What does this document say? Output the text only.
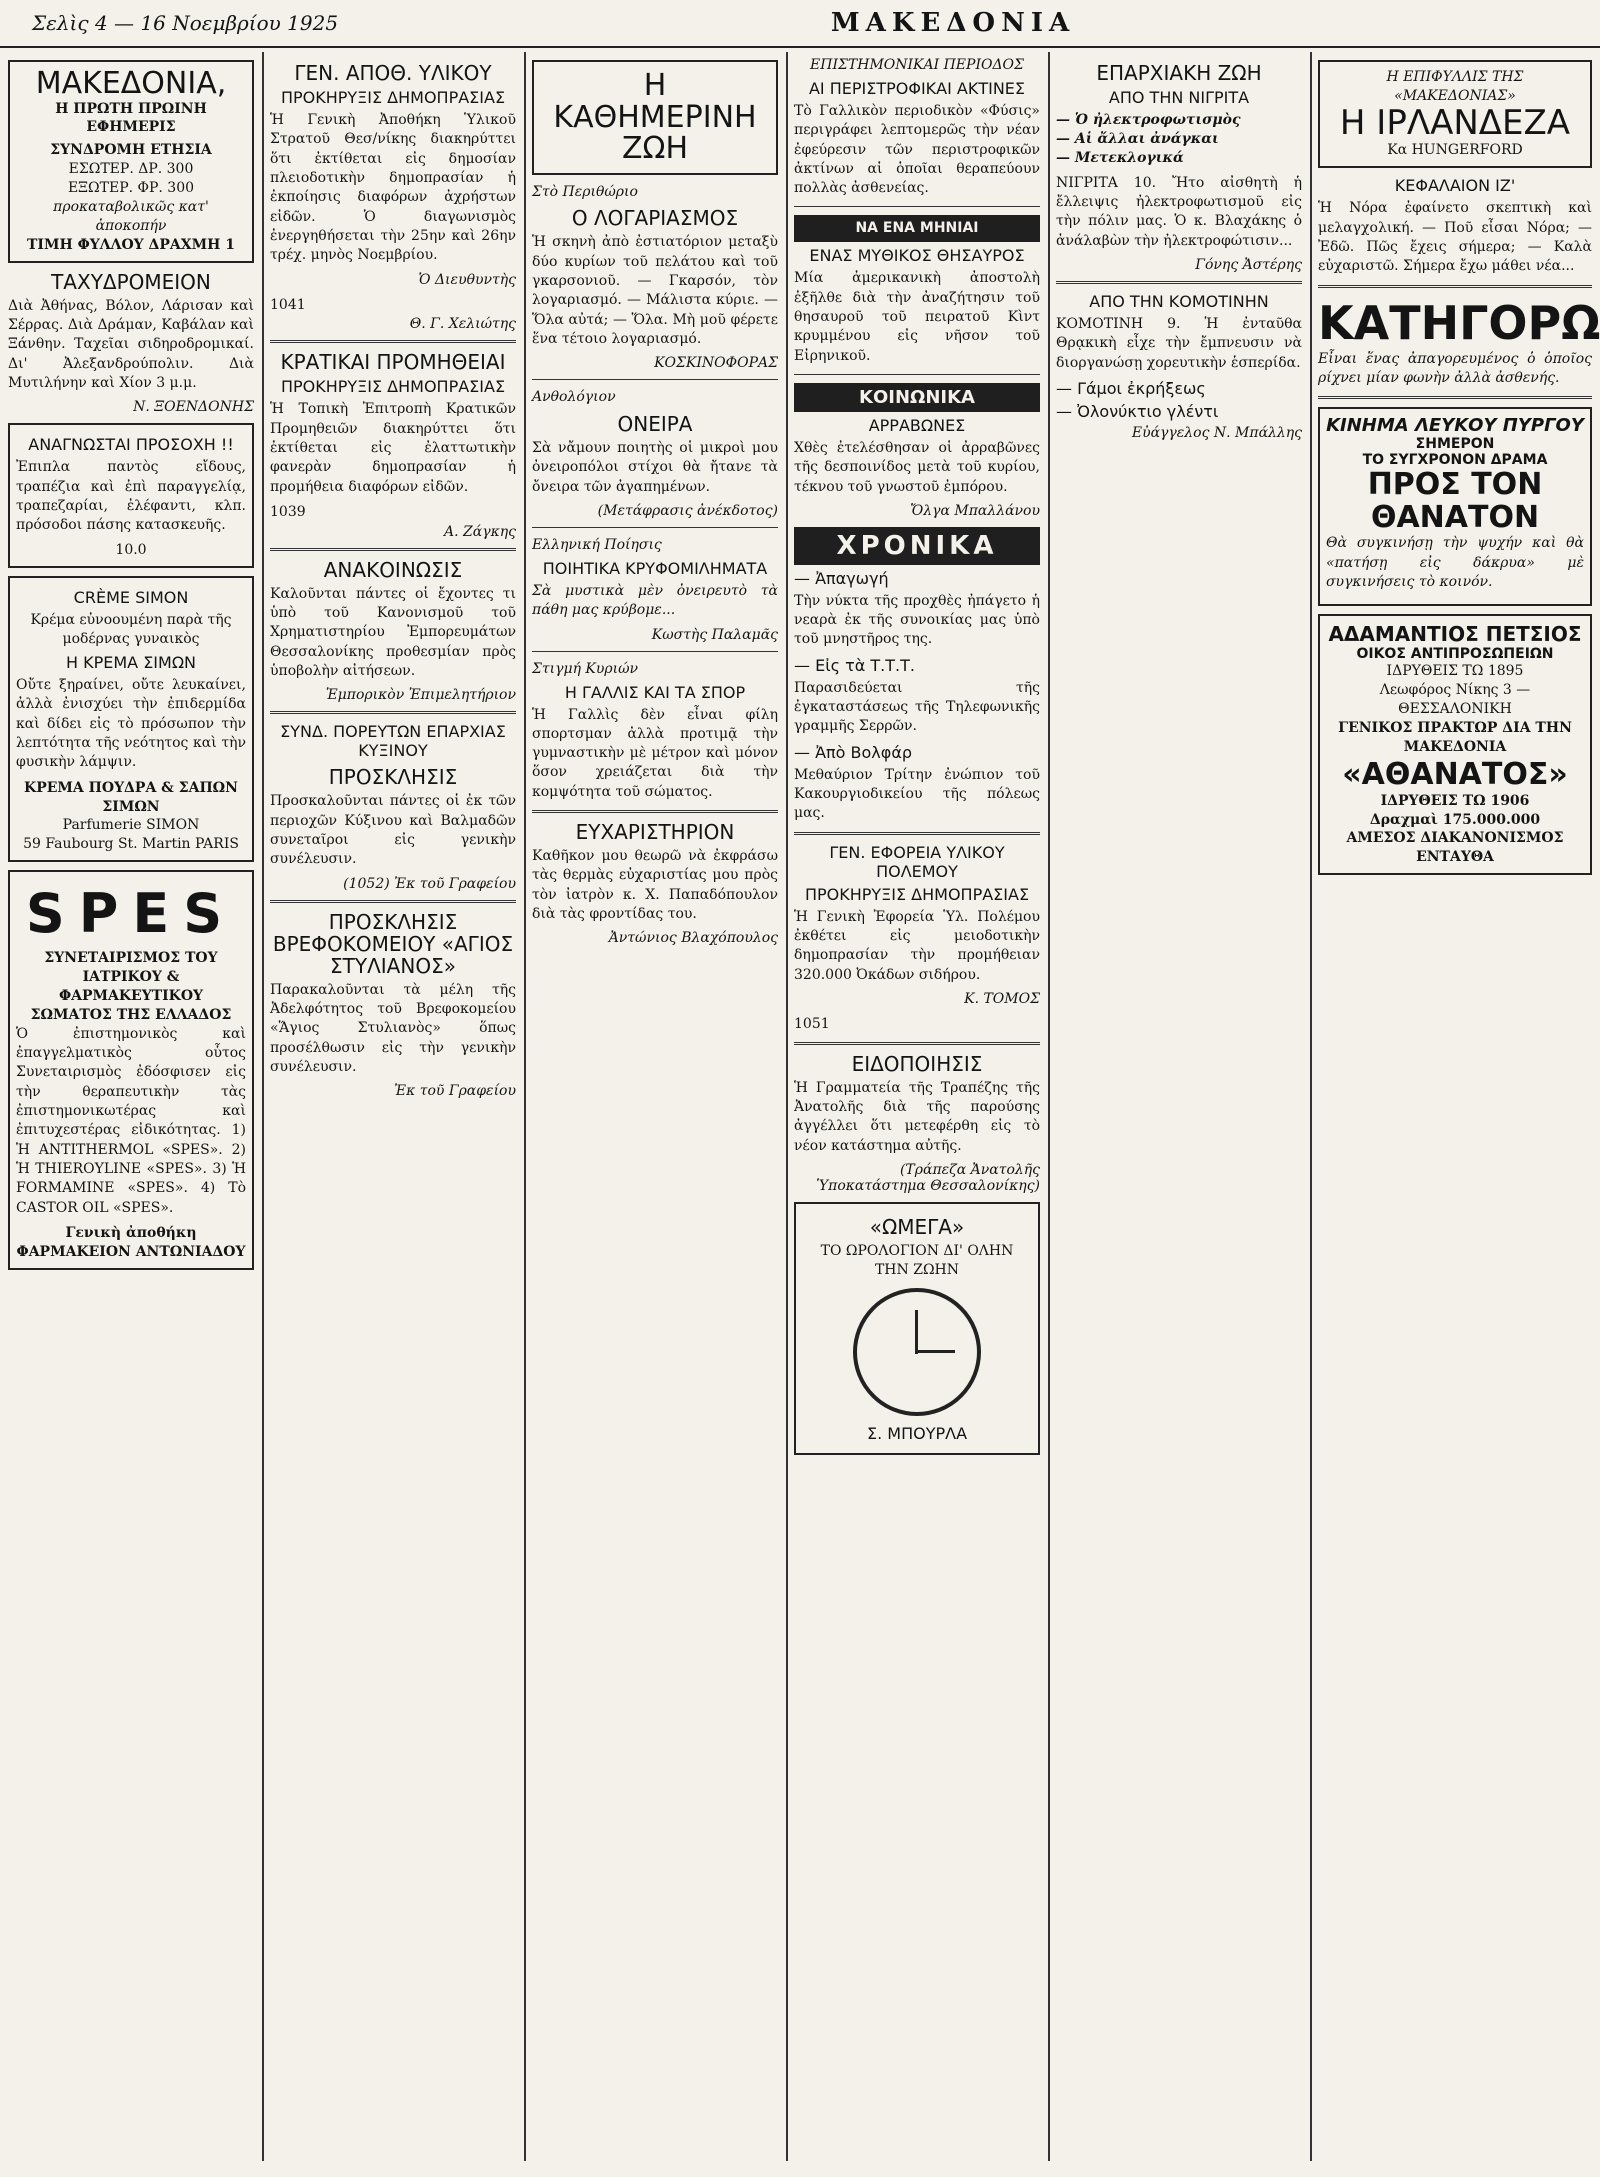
Σελὶς 4 — 16 Νοεμβρίου 1925	ΜΑΚΕΔΟΝΙΑ
ΜΑΚΕΔΟΝΙΑ,
Η ΠΡΩΤΗ ΠΡΩΙΝΗ ΕΦΗΜΕΡΙΣ
ΣΥΝΔΡΟΜΗ ΕΤΗΣΙΑ
ΕΣΩΤΕΡ. ΔΡ. 300
ΕΞΩΤΕΡ. ΦΡ. 300
προκαταβολικῶς κατ' ἀποκοπήν
ΤΙΜΗ ΦΥΛΛΟΥ ΔΡΑΧΜΗ 1
ΤΑΧΥΔΡΟΜΕΙΟΝ

Διὰ Ἀθήνας, Βόλον, Λάρισαν καὶ Σέρρας. Διὰ Δράμαν, Καβάλαν καὶ Ξάνθην. Ταχεῖαι σιδηροδρομικαί. Δι' Ἀλεξανδρούπολιν. Διὰ Μυτιλήνην καὶ Χίον 3 μ.μ.

Ν. ΞΟΕΝΔΟΝΗΣ
ΑΝΑΓΝΩΣΤΑΙ ΠΡΟΣΟΧΗ !!

Ἐπιπλα παντὸς εἴδους, τραπέζια καὶ ἐπὶ παραγγελίᾳ, τραπεζαρίαι, ἐλέφαντι, κλπ. πρόσοδοι πάσης κατασκευῆς.

10.0
CRÈME SIMON
Κρέμα εὐνοουμένη παρὰ τῆς μοδέρνας γυναικὸς
Η ΚΡΕΜΑ ΣΙΜΩΝ

Οὔτε ξηραίνει, οὔτε λευκαίνει, ἀλλὰ ἐνισχύει τὴν ἐπιδερμίδα καὶ δίδει εἰς τὸ πρόσωπον τὴν λεπτότητα τῆς νεότητος καὶ τὴν φυσικὴν λάμψιν.

ΚΡΕΜΑ ΠΟΥΔΡΑ & ΣΑΠΩΝ ΣΙΜΩΝ
Parfumerie SIMON
59 Faubourg St. Martin PARIS
SPES
ΣΥΝΕΤΑΙΡΙΣΜΟΣ ΤΟΥ ΙΑΤΡΙΚΟΥ & ΦΑΡΜΑΚΕΥΤΙΚΟΥ ΣΩΜΑΤΟΣ ΤΗΣ ΕΛΛΑΔΟΣ

Ὁ ἐπιστημονικὸς καὶ ἐπαγγελματικὸς οὗτος Συνεταιρισμὸς ἐδόσφισεν εἰς τὴν θεραπευτικὴν τὰς ἐπιστημονικωτέρας καὶ ἐπιτυχεστέρας εἰδικότητας. 1) Ἡ ANTITHERMOL «SPES». 2) Ἡ THIEROYLINE «SPES». 3) Ἡ FORMAMINE «SPES». 4) Τὸ CASTOR OIL «SPES».

Γενικὴ ἀποθήκη ΦΑΡΜΑΚΕΙΟΝ ΑΝΤΩΝΙΑΔΟΥ
ΓΕΝ. ΑΠΟΘ. ΥΛΙΚΟΥ
ΠΡΟΚΗΡΥΞΙΣ ΔΗΜΟΠΡΑΣΙΑΣ

Ἡ Γενικὴ Ἀποθήκη Ὑλικοῦ Στρατοῦ Θεσ/νίκης διακηρύττει ὅτι ἐκτίθεται εἰς δημοσίαν πλειοδοτικὴν δημοπρασίαν ἡ ἐκποίησις διαφόρων ἀχρήστων εἰδῶν. Ὁ διαγωνισμὸς ἐνεργηθήσεται τὴν 25ην καὶ 26ην τρέχ. μηνὸς Νοεμβρίου.

Ὁ Διευθυντὴς
1041
Θ. Γ. Χελιώτης
ΚΡΑΤΙΚΑΙ ΠΡΟΜΗΘΕΙΑΙ
ΠΡΟΚΗΡΥΞΙΣ ΔΗΜΟΠΡΑΣΙΑΣ

Ἡ Τοπικὴ Ἐπιτροπὴ Κρατικῶν Προμηθειῶν διακηρύττει ὅτι ἐκτίθεται εἰς ἐλαττωτικὴν φανερὰν δημοπρασίαν ἡ προμήθεια διαφόρων εἰδῶν.

1039
Α. Ζάγκης
ΑΝΑΚΟΙΝΩΣΙΣ

Καλοῦνται πάντες οἱ ἔχοντες τι ὑπὸ τοῦ Κανονισμοῦ τοῦ Χρηματιστηρίου Ἐμπορευμάτων Θεσσαλονίκης προθεσμίαν πρὸς ὑποβολὴν αἰτήσεων.

Ἐμπορικὸν Ἐπιμελητήριον
ΣΥΝΔ. ΠΟΡΕΥΤΩΝ ΕΠΑΡΧΙΑΣ ΚΥΞΙΝΟΥ
ΠΡΟΣΚΛΗΣΙΣ

Προσκαλοῦνται πάντες οἱ ἐκ τῶν περιοχῶν Κύξινου καὶ Βαλμαδῶν συνεταῖροι εἰς γενικὴν συνέλευσιν.

(1052) Ἐκ τοῦ Γραφείου
ΠΡΟΣΚΛΗΣΙΣ ΒΡΕΦΟΚΟΜΕΙΟΥ «ΑΓΙΟΣ ΣΤΥΛΙΑΝΟΣ»

Παρακαλοῦνται τὰ μέλη τῆς Ἀδελφότητος τοῦ Βρεφοκομείου «Ἅγιος Στυλιανὸς» ὅπως προσέλθωσιν εἰς τὴν γενικὴν συνέλευσιν.

Ἐκ τοῦ Γραφείου
Η ΚΑΘΗΜΕΡΙΝΗ ΖΩΗ
Στὸ Περιθώριο
Ο ΛΟΓΑΡΙΑΣΜΟΣ

Ἡ σκηνὴ ἀπὸ ἐστιατόριον μεταξὺ δύο κυρίων τοῦ πελάτου καὶ τοῦ γκαρσονιοῦ. — Γκαρσόν, τὸν λογαριασμό. — Μάλιστα κύριε. — Ὅλα αὐτά; — Ὅλα. Μὴ μοῦ φέρετε ἕνα τέτοιο λογαριασμό.

ΚΟΣΚΙΝΟΦΟΡΑΣ
Ανθολόγιον
ΟΝΕΙΡΑ

Σὰ νἄμουν ποιητὴς οἱ μικροὶ μου ὀνειροπόλοι στίχοι θὰ ἤτανε τὰ ὄνειρα τῶν ἀγαπημένων.

(Μετάφρασις ἀνέκδοτος)
Ελληνική Ποίησις
ΠΟΙΗΤΙΚΑ ΚΡΥΦΟΜΙΛΗΜΑΤΑ

Σὰ μυστικὰ μὲν ὀνειρευτὸ τὰ πάθη μας κρύβομε...

Κωστὴς Παλαμᾶς
Στιγμή Κυριών
Η ΓΑΛΛΙΣ ΚΑΙ ΤΑ ΣΠΟΡ

Ἡ Γαλλὶς δὲν εἶναι φίλη σπορτσμαν ἀλλὰ προτιμᾷ τὴν γυμναστικὴν μὲ μέτρον καὶ μόνον ὅσον χρειάζεται διὰ τὴν κομψότητα τοῦ σώματος.

ΕΥΧΑΡΙΣΤΗΡΙΟΝ

Καθῆκον μου θεωρῶ νὰ ἐκφράσω τὰς θερμὰς εὐχαριστίας μου πρὸς τὸν ἰατρὸν κ. Χ. Παπαδόπουλον διὰ τὰς φροντίδας του.

Ἀντώνιος Βλαχόπουλος
ΕΠΙΣΤΗΜΟΝΙΚΑΙ ΠΕΡΙΟΔΟΣ
ΑΙ ΠΕΡΙΣΤΡΟΦΙΚΑΙ ΑΚΤΙΝΕΣ

Τὸ Γαλλικὸν περιοδικὸν «Φύσις» περιγράφει λεπτομερῶς τὴν νέαν ἐφεύρεσιν τῶν περιστροφικῶν ἀκτίνων αἱ ὁποῖαι θεραπεύουν πολλὰς ἀσθενείας.

ΝΑ ΕΝΑ ΜΗΝΙΑΙ
ΕΝΑΣ ΜΥΘΙΚΟΣ ΘΗΣΑΥΡΟΣ

Μία ἀμερικανικὴ ἀποστολὴ ἐξῆλθε διὰ τὴν ἀναζήτησιν τοῦ θησαυροῦ τοῦ πειρατοῦ Κὶντ κρυμμένου εἰς νῆσον τοῦ Εἰρηνικοῦ.

ΚΟΙΝΩΝΙΚΑ
ΑΡΡΑΒΩΝΕΣ

Χθὲς ἐτελέσθησαν οἱ ἀρραβῶνες τῆς δεσποινίδος μετὰ τοῦ κυρίου, τέκνου τοῦ γνωστοῦ ἐμπόρου.

Ὄλγα Μπαλλάνου
ΧΡΟΝΙΚΑ
— Ἀπαγωγή

Τὴν νύκτα τῆς προχθὲς ἠπάγετο ἡ νεαρὰ ἐκ τῆς συνοικίας μας ὑπὸ τοῦ μνηστῆρος της.

— Εἰς τὰ Τ.Τ.Τ.

Παρασιδεύεται τῆς ἐγκαταστάσεως τῆς Τηλεφωνικῆς γραμμῆς Σερρῶν.

— Ἀπὸ Βολφάρ

Μεθαύριον Τρίτην ἐνώπιον τοῦ Κακουργιοδικείου τῆς πόλεως μας.

ΓΕΝ. ΕΦΟΡΕΙΑ ΥΛΙΚΟΥ ΠΟΛΕΜΟΥ
ΠΡΟΚΗΡΥΞΙΣ ΔΗΜΟΠΡΑΣΙΑΣ

Ἡ Γενικὴ Ἐφορεία Ὑλ. Πολέμου ἐκθέτει εἰς μειοδοτικὴν δημοπρασίαν τὴν προμήθειαν 320.000 Ὀκάδων σιδήρου.

Κ. ΤΟΜΟΣ
1051
ΕΙΔΟΠΟΙΗΣΙΣ

Ἡ Γραμματεία τῆς Τραπέζης τῆς Ἀνατολῆς διὰ τῆς παρούσης ἀγγέλλει ὅτι μετεφέρθη εἰς τὸ νέον κατάστημα αὐτῆς.

(Τράπεζα Ἀνατολῆς Ὑποκατάστημα Θεσσαλονίκης)
«ΩΜΕΓΑ»
ΤΟ ΩΡΟΛΟΓΙΟΝ ΔΙ' ΟΛΗΝ ΤΗΝ ΖΩΗΝ
Σ. ΜΠΟΥΡΛΑ
ΕΠΑΡΧΙΑΚΗ ΖΩΗ
ΑΠΟ ΤΗΝ ΝΙΓΡΙΤΑ
— Ὁ ἠλεκτροφωτισμὸς
— Αἱ ἄλλαι ἀνάγκαι
— Μετεκλογικά

ΝΙΓΡΙΤΑ 10. Ἤτο αἰσθητὴ ἡ ἔλλειψις ἠλεκτροφωτισμοῦ εἰς τὴν πόλιν μας. Ὁ κ. Βλαχάκης ὁ ἀνάλαβὼν τὴν ἠλεκτροφώτισιν...

Γόνης Ἀστέρης
ΑΠΟ ΤΗΝ ΚΟΜΟΤΙΝΗΝ

ΚΟΜΟΤΙΝΗ 9. Ἡ ἐνταῦθα Θρᾳκικὴ εἶχε τὴν ἔμπνευσιν νὰ διοργανώσῃ χορευτικὴν ἑσπερίδα.

— Γάμοι ἐκρήξεως
— Ὀλονύκτιο γλέντι
Εὐάγγελος Ν. Μπάλλης
Η ΕΠΙΦΥΛΛΙΣ ΤΗΣ «ΜΑΚΕΔΟΝΙΑΣ»
Η ΙΡΛΑΝΔΕΖΑ
Κα HUNGERFORD
ΚΕΦΑΛΑΙΟΝ ΙΖ'

Ἡ Νόρα ἐφαίνετο σκεπτικὴ καὶ μελαγχολική. — Ποῦ εἶσαι Νόρα; — Ἐδῶ. Πῶς ἔχεις σήμερα; — Καλὰ εὐχαριστῶ. Σήμερα ἔχω μάθει νέα...

ΚΑΤΗΓΟΡΩ

Εἶναι ἕνας ἀπαγορευμένος ὁ ὁποῖος ρίχνει μίαν φωνὴν ἀλλὰ ἀσθενής.

ΚΙΝΗΜΑ ΛΕΥΚΟΥ ΠΥΡΓΟΥ
ΣΗΜΕΡΟΝ
ΤΟ ΣΥΓΧΡΟΝΟΝ ΔΡΑΜΑ
ΠΡΟΣ ΤΟΝ ΘΑΝΑΤΟΝ

Θὰ συγκινήσῃ τὴν ψυχήν καὶ θὰ «πατήσῃ εἰς δάκρυα» μὲ συγκινήσεις τὸ κοινόν.

ΑΔΑΜΑΝΤΙΟΣ ΠΕΤΣΙΟΣ
ΟΙΚΟΣ ΑΝΤΙΠΡΟΣΩΠΕΙΩΝ
ΙΔΡΥΘΕΙΣ ΤΩ 1895
Λεωφόρος Νίκης 3 — ΘΕΣΣΑΛΟΝΙΚΗ
ΓΕΝΙΚΟΣ ΠΡΑΚΤΩΡ ΔΙΑ ΤΗΝ ΜΑΚΕΔΟΝΙΑ
«ΑΘΑΝΑΤΟΣ»
ΙΔΡΥΘΕΙΣ ΤΩ 1906
Δραχμαὶ 175.000.000
ΑΜΕΣΟΣ ΔΙΑΚΑΝΟΝΙΣΜΟΣ ΕΝΤΑΥΘΑ
